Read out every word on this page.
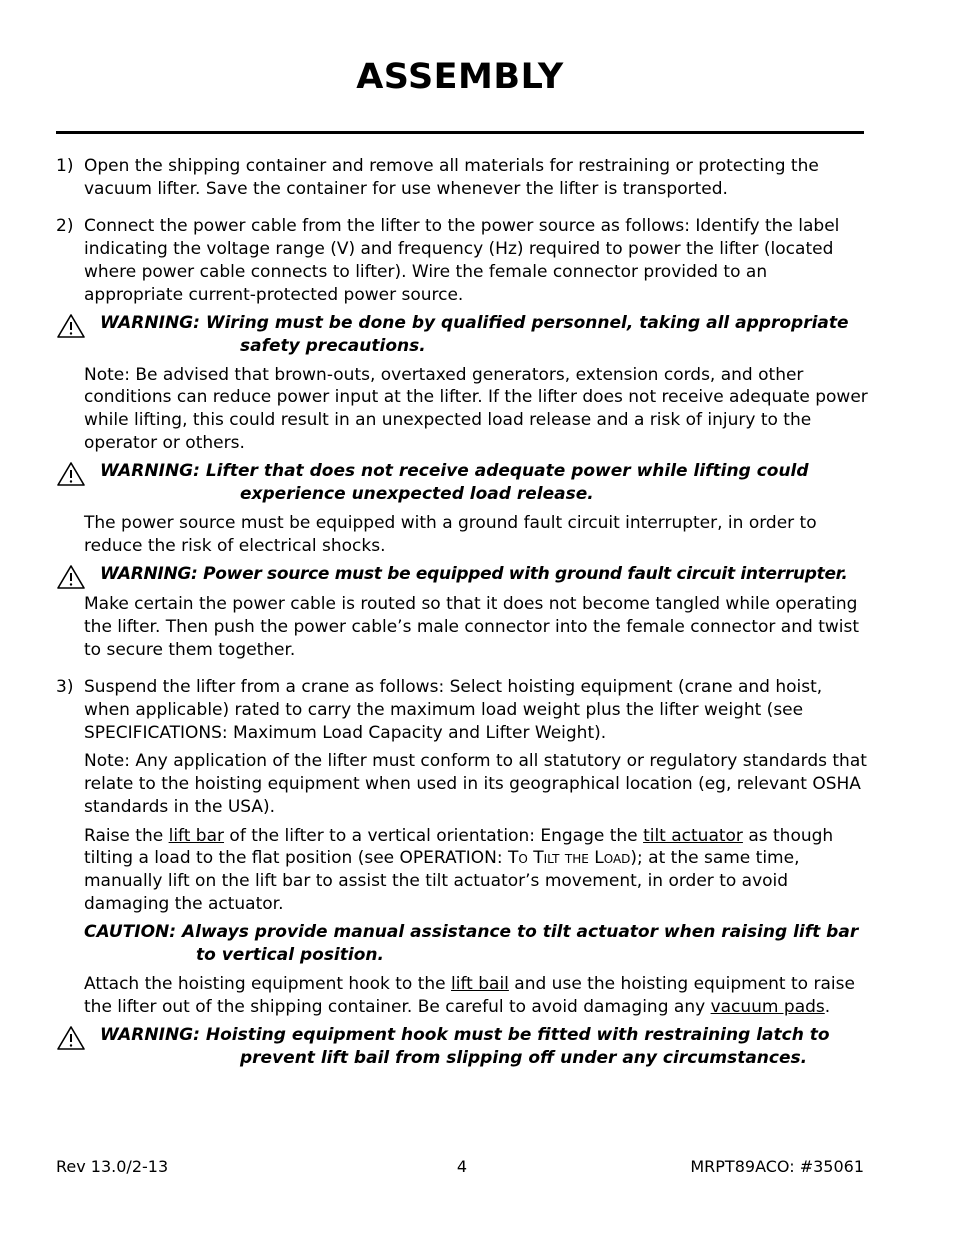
ASSEMBLY
1) Open the shipping container and remove all materials for restraining or protecting the vacuum lifter. Save the container for use whenever the lifter is transported.

2) Connect the power cable from the lifter to the power source as follows: Identify the label indicating the voltage range (V) and frequency (Hz) required to power the lifter (located where power cable connects to lifter). Wire the female connector provided to an appropriate current-protected power source.

WARNING: Wiring must be done by qualified personnel, taking all appropriate
safety precautions.

Note: Be advised that brown-outs, overtaxed generators, extension cords, and other conditions can reduce power input at the lifter. If the lifter does not receive adequate power while lifting, this could result in an unexpected load release and a risk of injury to the operator or others.

WARNING: Lifter that does not receive adequate power while lifting could
experience unexpected load release.

The power source must be equipped with a ground fault circuit interrupter, in order to reduce the risk of electrical shocks.

WARNING: Power source must be equipped with ground fault circuit interrupter.

Make certain the power cable is routed so that it does not become tangled while operating the lifter. Then push the power cable’s male connector into the female connector and twist to secure them together.

3) Suspend the lifter from a crane as follows: Select hoisting equipment (crane and hoist, when applicable) rated to carry the maximum load weight plus the lifter weight (see SPECIFICATIONS: Maximum Load Capacity and Lifter Weight).

Note: Any application of the lifter must conform to all statutory or regulatory standards that relate to the hoisting equipment when used in its geographical location (eg, relevant OSHA standards in the USA).

Raise the lift bar of the lifter to a vertical orientation: Engage the tilt actuator as though tilting a load to the flat position (see OPERATION: To Tilt the Load); at the same time, manually lift on the lift bar to assist the tilt actuator’s movement, in order to avoid damaging the actuator.

CAUTION: Always provide manual assistance to tilt actuator when raising lift bar
to vertical position.

Attach the hoisting equipment hook to the lift bail and use the hoisting equipment to raise the lifter out of the shipping container. Be careful to avoid damaging any vacuum pads.

WARNING: Hoisting equipment hook must be fitted with restraining latch to
prevent lift bail from slipping off under any circumstances.
Rev 13.0/2-13	4	MRPT89ACO: #35061
